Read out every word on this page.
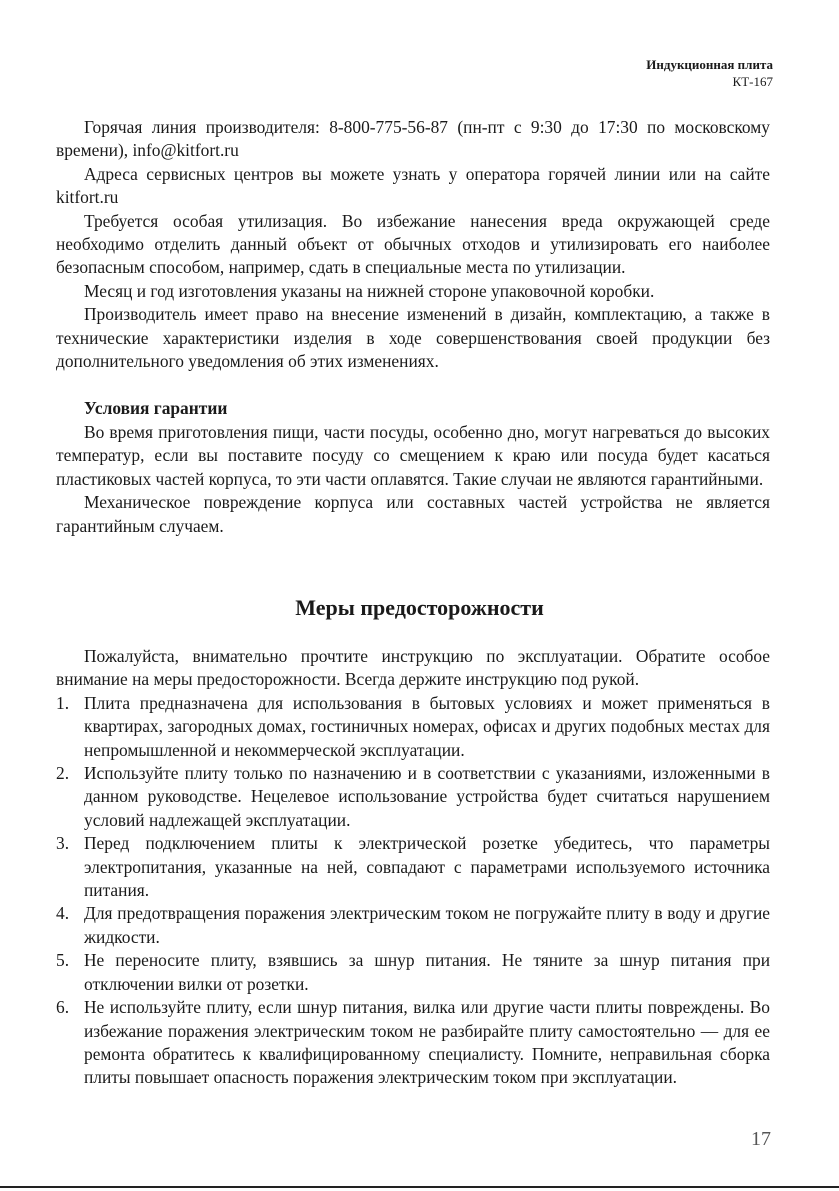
Индукционная плита
КТ-167

Горячая линия производителя: 8-800-775-56-87 (пн-пт с 9:30 до 17:30 по московскому времени), info@kitfort.ru

Адреса сервисных центров вы можете узнать у оператора горячей линии или на сайте kitfort.ru

Требуется особая утилизация. Во избежание нанесения вреда окружающей среде необходимо отделить данный объект от обычных отходов и утилизировать его наиболее безопасным способом, например, сдать в специальные места по утилизации.

Месяц и год изготовления указаны на нижней стороне упаковочной коробки.

Производитель имеет право на внесение изменений в дизайн, комплектацию, а также в технические характеристики изделия в ходе совершенствования своей продукции без дополнительного уведомления об этих изменениях.

Условия гарантии

Во время приготовления пищи, части посуды, особенно дно, могут нагреваться до высоких температур, если вы поставите посуду со смещением к краю или посуда будет касаться пластиковых частей корпуса, то эти части оплавятся. Такие случаи не являются гарантийными.

Механическое повреждение корпуса или составных частей устройства не является гарантийным случаем.

Меры предосторожности

Пожалуйста, внимательно прочтите инструкцию по эксплуатации. Обратите особое внимание на меры предосторожности. Всегда держите инструкцию под рукой.

1. Плита предназначена для использования в бытовых условиях и может применяться в квартирах, загородных домах, гостиничных номерах, офисах и других подобных местах для непромышленной и некоммерческой эксплуатации.
2. Используйте плиту только по назначению и в соответствии с указаниями, изложенными в данном руководстве. Нецелевое использование устройства будет считаться нарушением условий надлежащей эксплуатации.
3. Перед подключением плиты к электрической розетке убедитесь, что параметры электропитания, указанные на ней, совпадают с параметрами используемого источника питания.
4. Для предотвращения поражения электрическим током не погружайте плиту в воду и другие жидкости.
5. Не переносите плиту, взявшись за шнур питания. Не тяните за шнур питания при отключении вилки от розетки.
6. Не используйте плиту, если шнур питания, вилка или другие части плиты повреждены. Во избежание поражения электрическим током не разбирайте плиту самостоятельно — для ее ремонта обратитесь к квалифицированному специалисту. Помните, неправильная сборка плиты повышает опасность поражения электрическим током при эксплуатации.
17
